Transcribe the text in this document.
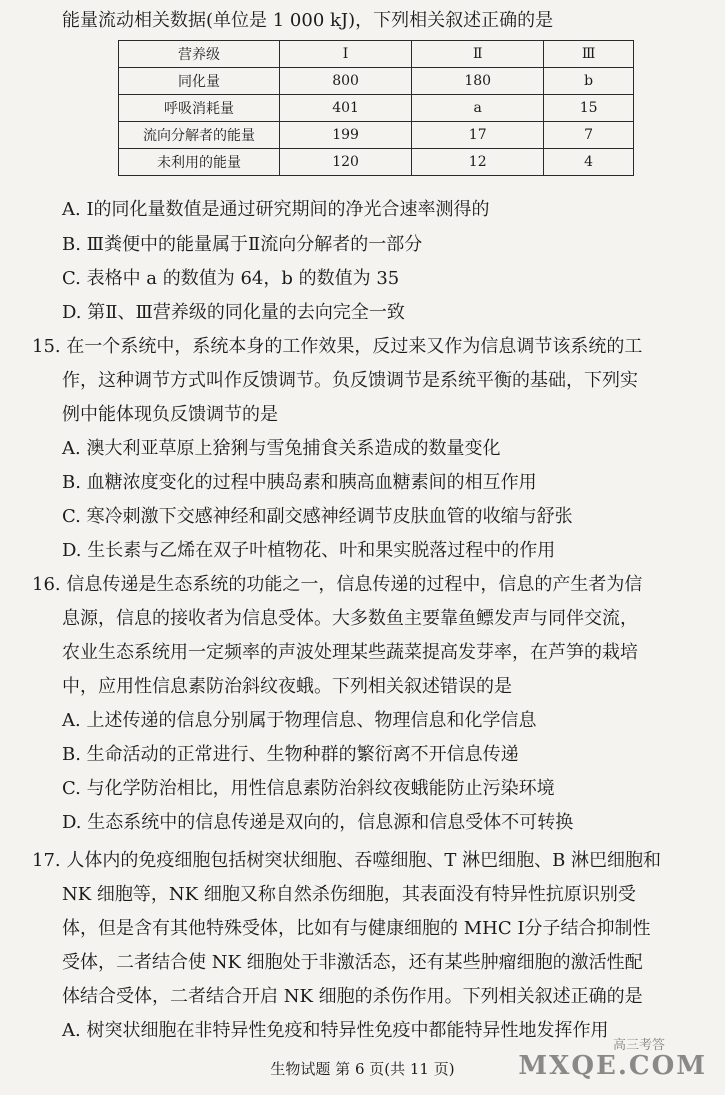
能量流动相关数据(单位是 1 000 kJ)，下列相关叙述正确的是
营养级	Ⅰ	Ⅱ	Ⅲ
同化量	800	180	b
呼吸消耗量	401	a	15
流向分解者的能量	199	17	7
未利用的能量	120	12	4
A. Ⅰ的同化量数值是通过研究期间的净光合速率测得的
B. Ⅲ粪便中的能量属于Ⅱ流向分解者的一部分
C. 表格中 a 的数值为 64，b 的数值为 35
D. 第Ⅱ、Ⅲ营养级的同化量的去向完全一致
15. 在一个系统中，系统本身的工作效果，反过来又作为信息调节该系统的工
作，这种调节方式叫作反馈调节。负反馈调节是系统平衡的基础，下列实
例中能体现负反馈调节的是
A. 澳大利亚草原上猞猁与雪兔捕食关系造成的数量变化
B. 血糖浓度变化的过程中胰岛素和胰高血糖素间的相互作用
C. 寒冷刺激下交感神经和副交感神经调节皮肤血管的收缩与舒张
D. 生长素与乙烯在双子叶植物花、叶和果实脱落过程中的作用
16. 信息传递是生态系统的功能之一，信息传递的过程中，信息的产生者为信
息源，信息的接收者为信息受体。大多数鱼主要靠鱼鳔发声与同伴交流，
农业生态系统用一定频率的声波处理某些蔬菜提高发芽率，在芦笋的栽培
中，应用性信息素防治斜纹夜蛾。下列相关叙述错误的是
A. 上述传递的信息分别属于物理信息、物理信息和化学信息
B. 生命活动的正常进行、生物种群的繁衍离不开信息传递
C. 与化学防治相比，用性信息素防治斜纹夜蛾能防止污染环境
D. 生态系统中的信息传递是双向的，信息源和信息受体不可转换
17. 人体内的免疫细胞包括树突状细胞、吞噬细胞、T 淋巴细胞、B 淋巴细胞和
NK 细胞等，NK 细胞又称自然杀伤细胞，其表面没有特异性抗原识别受
体，但是含有其他特殊受体，比如有与健康细胞的 MHC Ⅰ分子结合抑制性
受体，二者结合使 NK 细胞处于非激活态，还有某些肿瘤细胞的激活性配
体结合受体，二者结合开启 NK 细胞的杀伤作用。下列相关叙述正确的是
A. 树突状细胞在非特异性免疫和特异性免疫中都能特异性地发挥作用
生物试题 第 6 页(共 11 页)
高三考答
MXQE.COM
